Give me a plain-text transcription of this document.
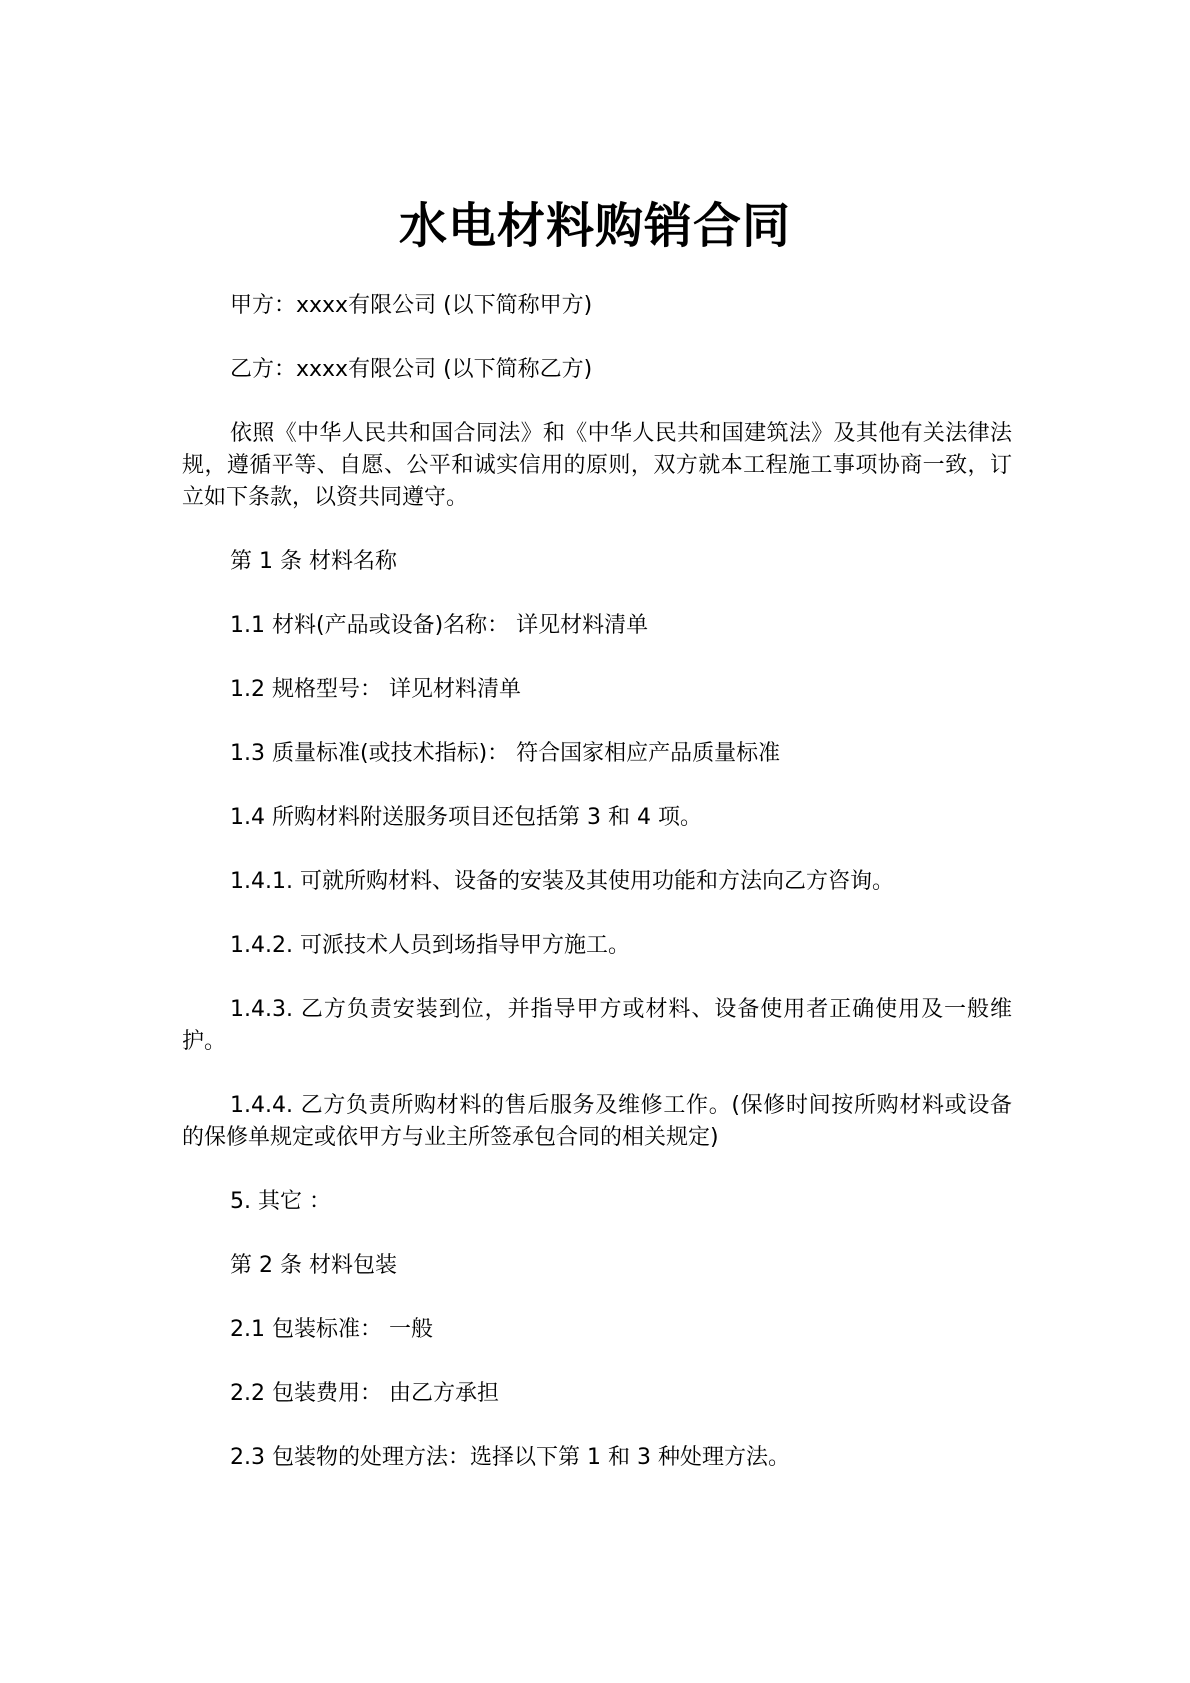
水电材料购销合同

甲方：xxxx有限公司 (以下简称甲方)

乙方：xxxx有限公司 (以下简称乙方)

依照《中华人民共和国合同法》和《中华人民共和国建筑法》及其他有关法律法规，遵循平等、自愿、公平和诚实信用的原则，双方就本工程施工事项协商一致，订立如下条款，以资共同遵守。

第 1 条 材料名称

1.1 材料(产品或设备)名称： 详见材料清单

1.2 规格型号： 详见材料清单

1.3 质量标准(或技术指标)： 符合国家相应产品质量标准

1.4 所购材料附送服务项目还包括第 3 和 4 项。

1.4.1. 可就所购材料、设备的安装及其使用功能和方法向乙方咨询。

1.4.2. 可派技术人员到场指导甲方施工。

1.4.3. 乙方负责安装到位，并指导甲方或材料、设备使用者正确使用及一般维护。

1.4.4. 乙方负责所购材料的售后服务及维修工作。(保修时间按所购材料或设备的保修单规定或依甲方与业主所签承包合同的相关规定)

5. 其它 ：

第 2 条 材料包装

2.1 包装标准： 一般

2.2 包装费用： 由乙方承担

2.3 包装物的处理方法：选择以下第 1 和 3 种处理方法。
